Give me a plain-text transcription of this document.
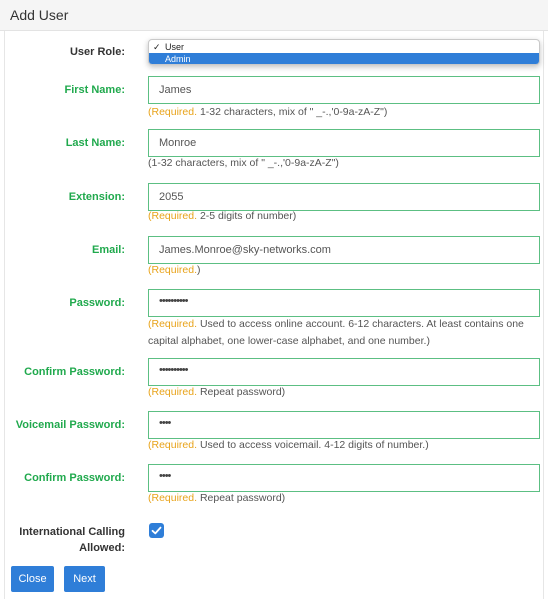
Add User
User Role:	✓ User
Admin
First Name:	James
(Required. 1-32 characters, mix of " _-.,'0-9a-zA-Z")
Last Name:	Monroe
(1-32 characters, mix of " _-.,'0-9a-zA-Z")
Extension:	2055
(Required. 2-5 digits of number)
Email:	James.Monroe@sky-networks.com
(Required.)
Password:	••••••••••
(Required. Used to access online account. 6-12 characters. At least contains one capital alphabet, one lower-case alphabet, and one number.)
Confirm Password:	••••••••••
(Required. Repeat password)
Voicemail Password:	••••
(Required. Used to access voicemail. 4-12 digits of number.)
Confirm Password:	••••
(Required. Repeat password)
International Calling
Allowed:
Close	Next
